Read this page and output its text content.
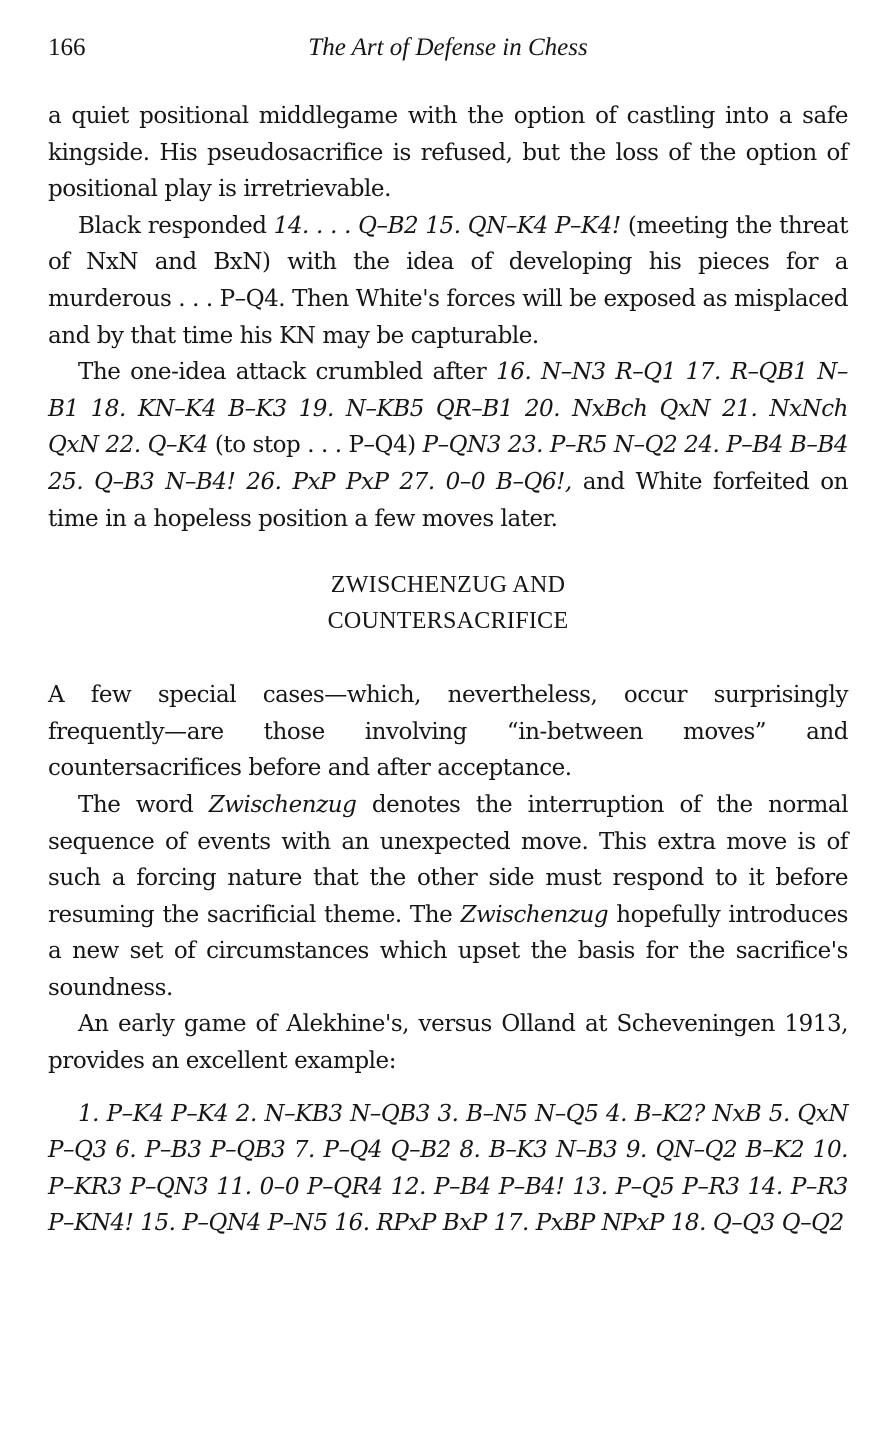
166	The Art of Defense in Chess

a quiet positional middlegame with the option of castling into a safe kingside. His pseudosacrifice is refused, but the loss of the option of positional play is irretrievable.

Black responded 14. . . . Q–B2 15. QN–K4 P–K4! (meeting the threat of NxN and BxN) with the idea of developing his pieces for a murderous . . . P–Q4. Then White's forces will be exposed as misplaced and by that time his KN may be capturable.

The one-idea attack crumbled after 16. N–N3 R–Q1 17. R–QB1 N–B1 18. KN–K4 B–K3 19. N–KB5 QR–B1 20. NxBch QxN 21. NxNch QxN 22. Q–K4 (to stop . . . P–Q4) P–QN3 23. P–R5 N–Q2 24. P–B4 B–B4 25. Q–B3 N–B4! 26. PxP PxP 27. 0–0 B–Q6!, and White forfeited on time in a hopeless position a few moves later.

ZWISCHENZUG AND
COUNTERSACRIFICE

A few special cases—which, nevertheless, occur surprisingly frequently—are those involving “in-between moves” and countersacrifices before and after acceptance.

The word Zwischenzug denotes the interruption of the normal sequence of events with an unexpected move. This extra move is of such a forcing nature that the other side must respond to it before resuming the sacrificial theme. The Zwischenzug hopefully introduces a new set of circumstances which upset the basis for the sacrifice's soundness.

An early game of Alekhine's, versus Olland at Scheveningen 1913, provides an excellent example:

1. P–K4 P–K4 2. N–KB3 N–QB3 3. B–N5 N–Q5 4. B–K2? NxB 5. QxN P–Q3 6. P–B3 P–QB3 7. P–Q4 Q–B2 8. B–K3 N–B3 9. QN–Q2 B–K2 10. P–KR3 P–QN3 11. 0–0 P–QR4 12. P–B4 P–B4! 13. P–Q5 P–R3 14. P–R3 P–KN4! 15. P–QN4 P–N5 16. RPxP BxP 17. PxBP NPxP 18. Q–Q3 Q–Q2
